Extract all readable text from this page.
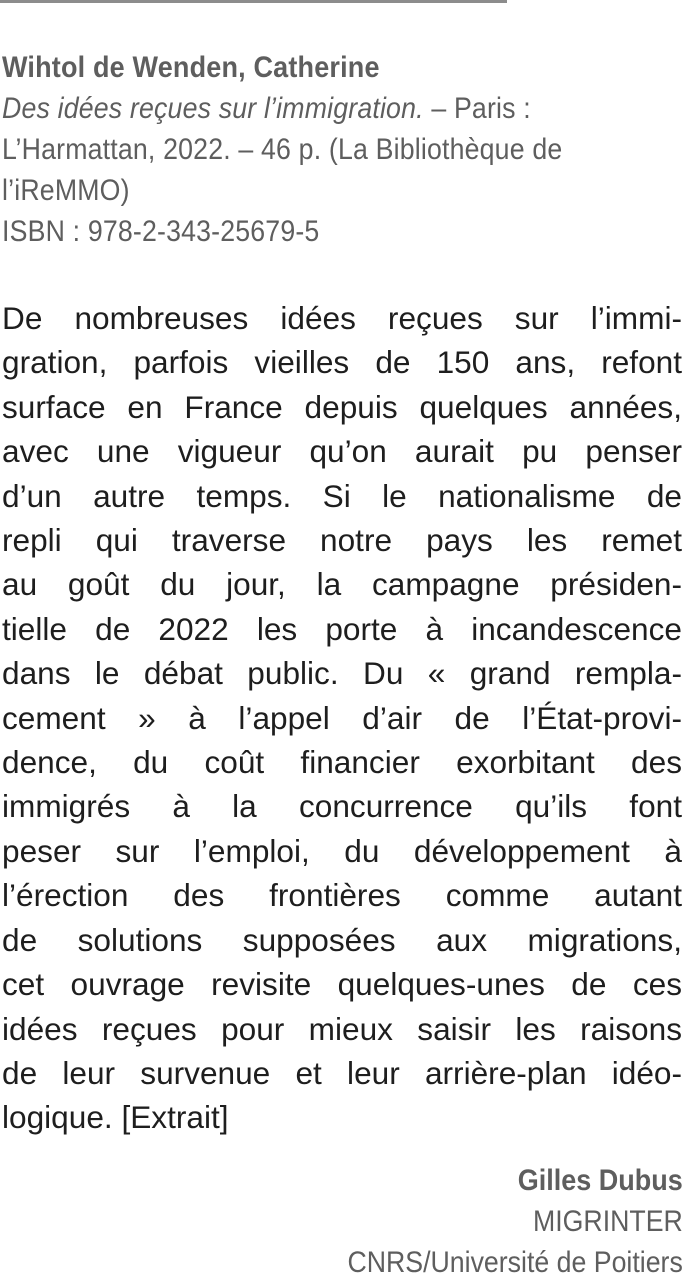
Wihtol de Wenden, Catherine
Des idées reçues sur l’immigration. – Paris :
L’Harmattan, 2022. – 46 p. (La Bibliothèque de
l’iReMMO)
ISBN : 978-2-343-25679-5
De nombreuses idées reçues sur l’immi-
gration, parfois vieilles de 150 ans, refont
surface en France depuis quelques années,
avec une vigueur qu’on aurait pu penser
d’un autre temps. Si le nationalisme de
repli qui traverse notre pays les remet
au goût du jour, la campagne présiden-
tielle de 2022 les porte à incandescence
dans le débat public. Du « grand rempla-
cement » à l’appel d’air de l’État-provi-
dence, du coût financier exorbitant des
immigrés à la concurrence qu’ils font
peser sur l’emploi, du développement à
l’érection des frontières comme autant
de solutions supposées aux migrations,
cet ouvrage revisite quelques-unes de ces
idées reçues pour mieux saisir les raisons
de leur survenue et leur arrière-plan idéo-
logique. [Extrait]
Gilles Dubus
MIGRINTER
CNRS/Université de Poitiers
